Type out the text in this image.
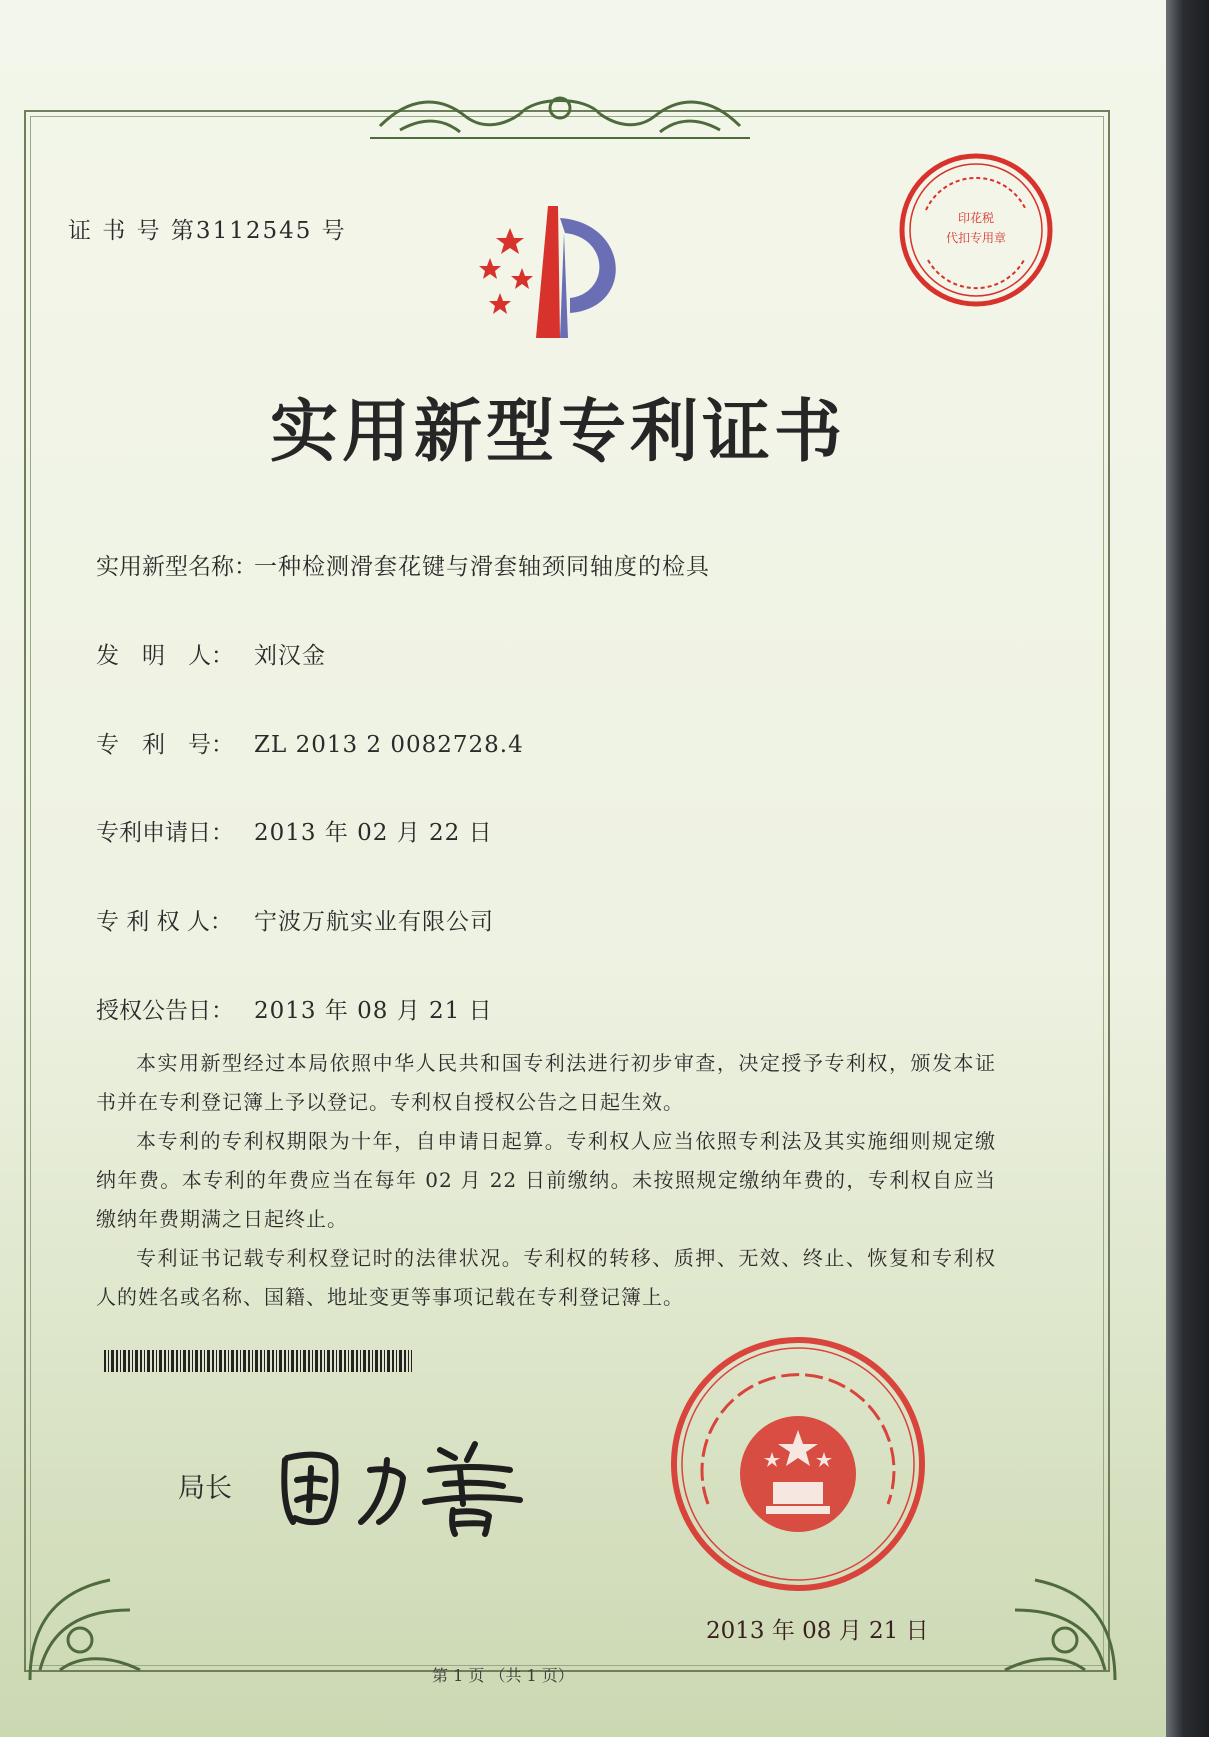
证 书 号 第3112545 号	印花税
代扣专用章
实用新型专利证书
实用新型名称：一种检测滑套花键与滑套轴颈同轴度的检具
发　明　人： 刘汉金
专　利　号： ZL 2013 2 0082728.4
专利申请日： 2013 年 02 月 22 日
专 利 权 人： 宁波万航实业有限公司
授权公告日： 2013 年 08 月 21 日

本实用新型经过本局依照中华人民共和国专利法进行初步审查，决定授予专利权，颁发本证书并在专利登记簿上予以登记。专利权自授权公告之日起生效。

本专利的专利权期限为十年，自申请日起算。专利权人应当依照专利法及其实施细则规定缴纳年费。本专利的年费应当在每年 02 月 22 日前缴纳。未按照规定缴纳年费的，专利权自应当缴纳年费期满之日起终止。

专利证书记载专利权登记时的法律状况。专利权的转移、质押、无效、终止、恢复和专利权人的姓名或名称、国籍、地址变更等事项记载在专利登记簿上。

局长
2013 年 08 月 21 日
第 1 页 （共 1 页）
